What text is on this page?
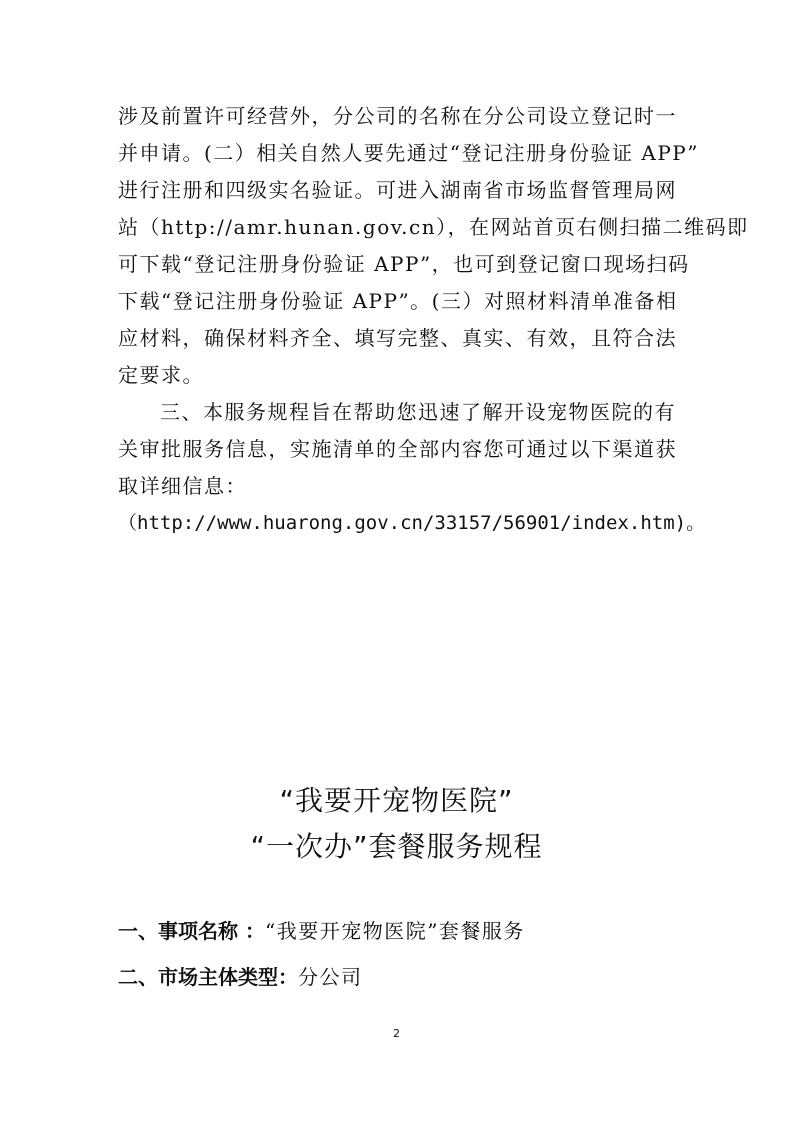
涉及前置许可经营外，分公司的名称在分公司设立登记时一
并申请。(二）相关自然人要先通过“登记注册身份验证 APP”
进行注册和四级实名验证。可进入湖南省市场监督管理局网
站（http://amr.hunan.gov.cn），在网站首页右侧扫描二维码即
可下载“登记注册身份验证 APP”，也可到登记窗口现场扫码
下载“登记注册身份验证 APP”。(三）对照材料清单准备相
应材料，确保材料齐全、填写完整、真实、有效，且符合法
定要求。
三、本服务规程旨在帮助您迅速了解开设宠物医院的有
关审批服务信息，实施清单的全部内容您可通过以下渠道获
取详细信息：
（http://www.huarong.gov.cn/33157/56901/index.htm)。
“我要开宠物医院”
“一次办”套餐服务规程
一、事项名称 ：“我要开宠物医院”套餐服务
二、市场主体类型：分公司
2
